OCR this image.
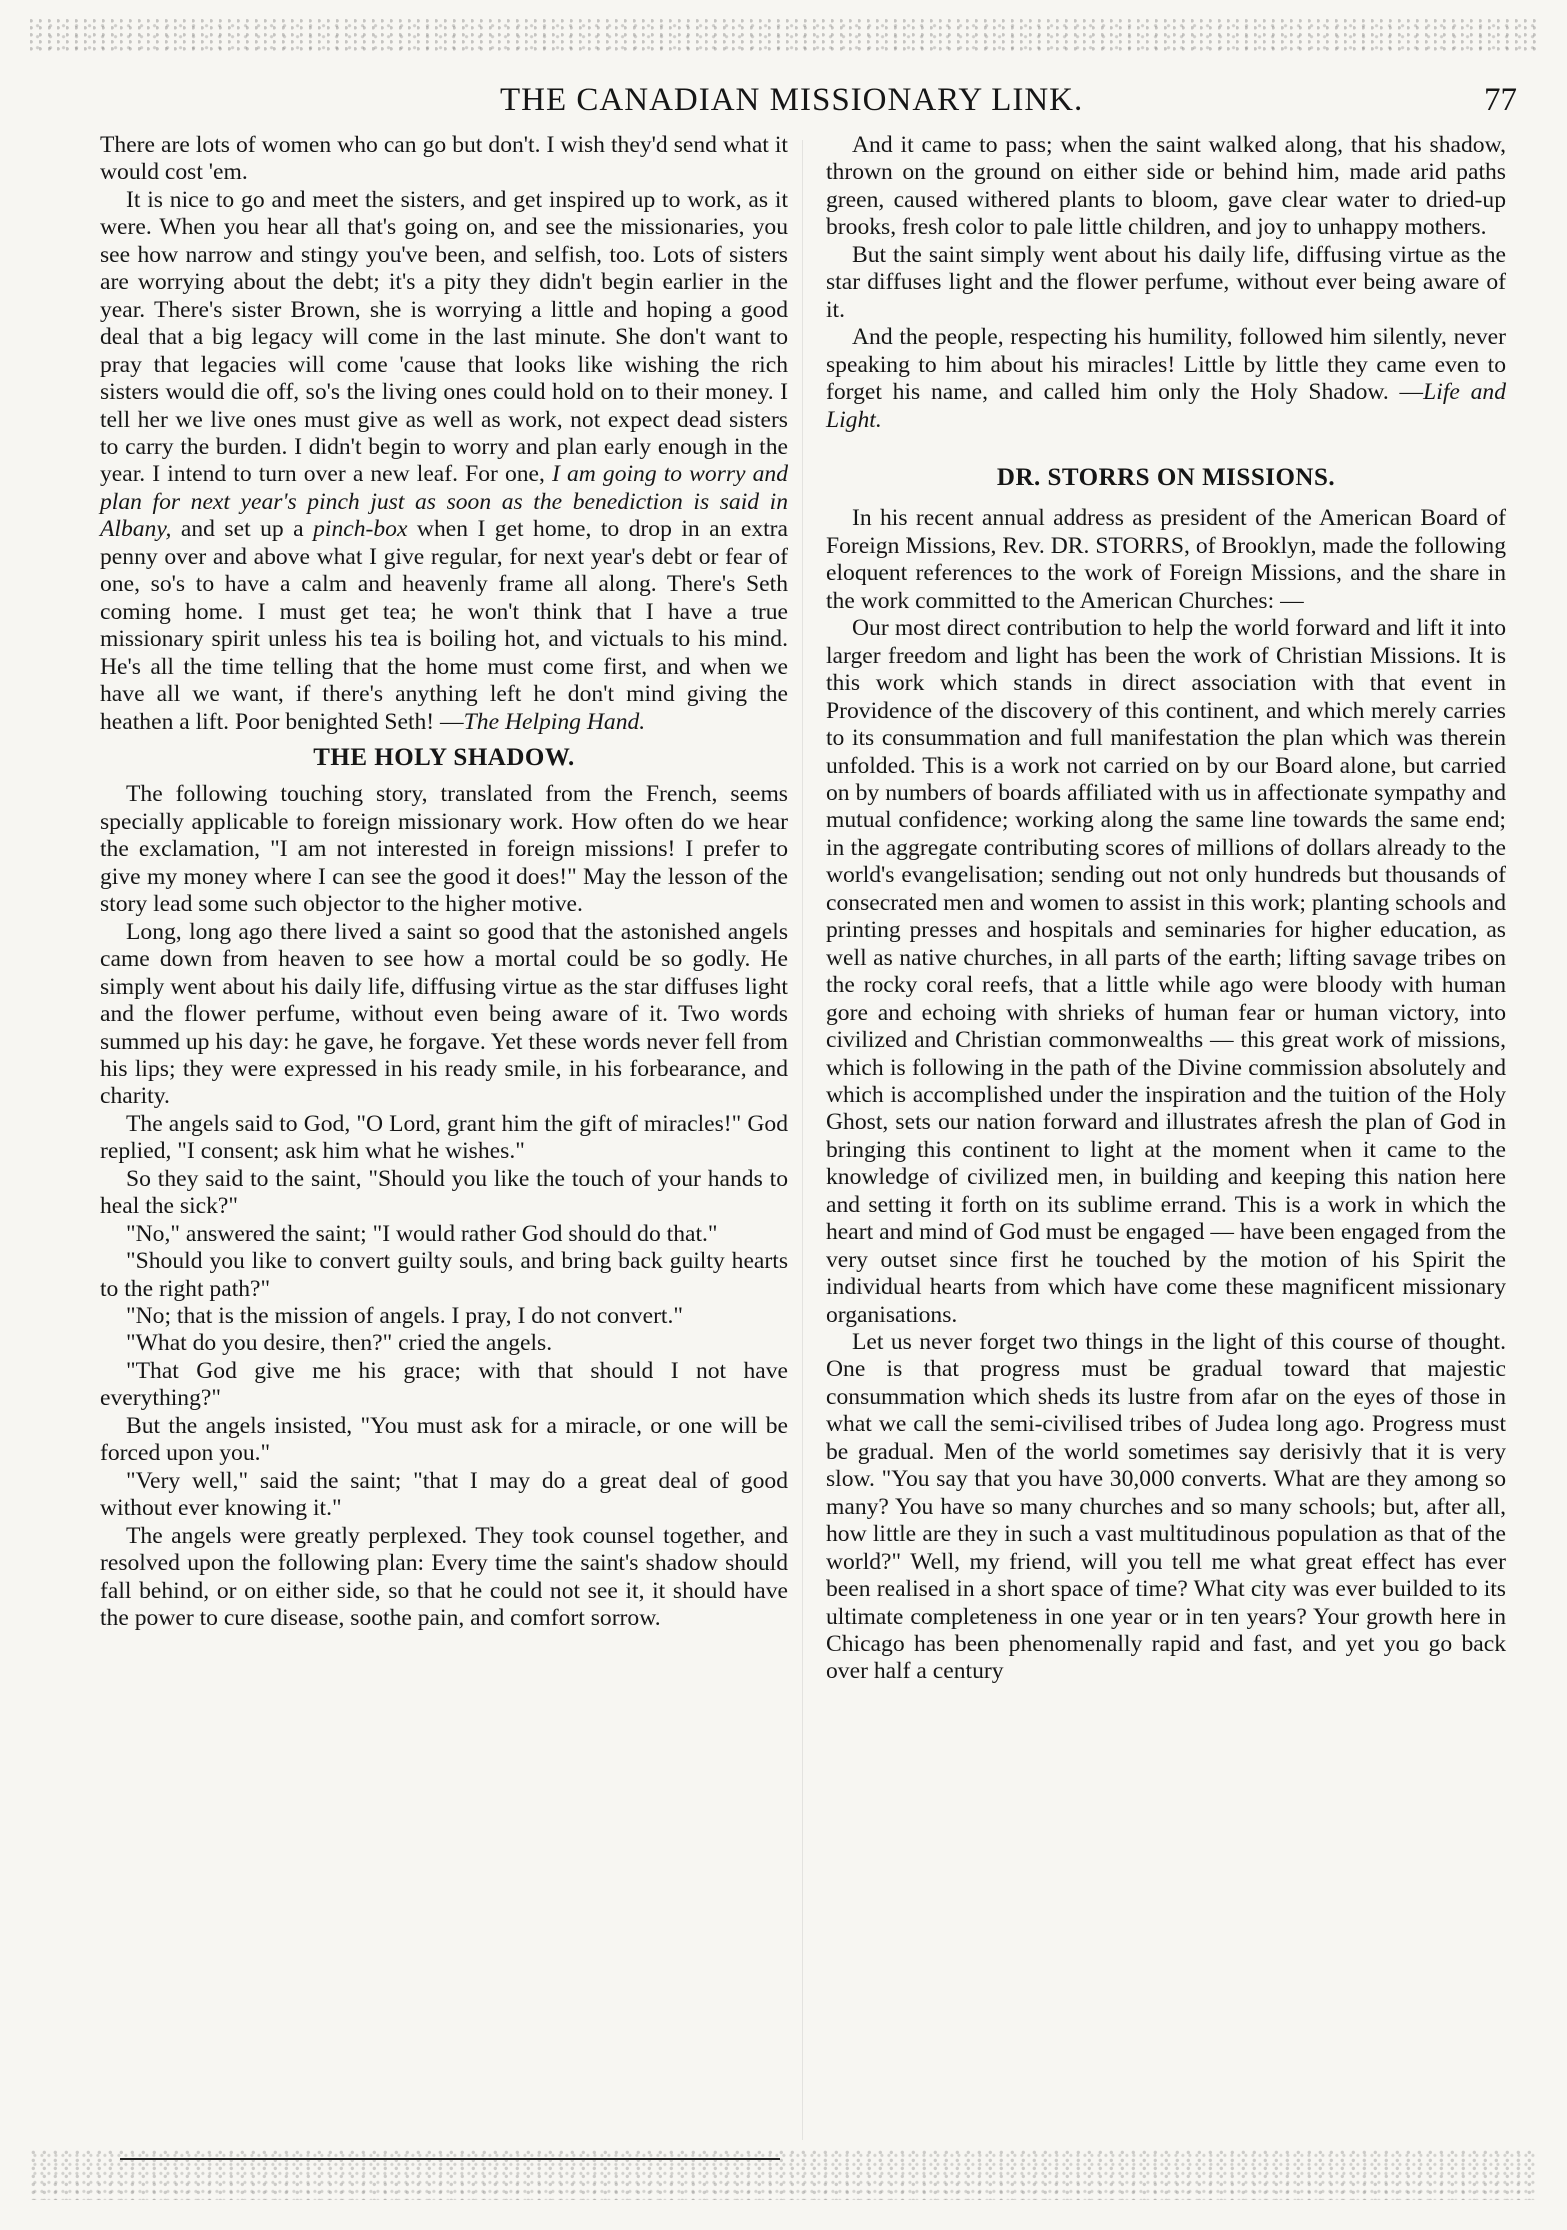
THE CANADIAN MISSIONARY LINK.	77

There are lots of women who can go but don't. I wish they'd send what it would cost 'em.

It is nice to go and meet the sisters, and get inspired up to work, as it were. When you hear all that's going on, and see the missionaries, you see how narrow and stingy you've been, and selfish, too. Lots of sisters are worrying about the debt; it's a pity they didn't begin earlier in the year. There's sister Brown, she is worrying a little and hoping a good deal that a big legacy will come in the last minute. She don't want to pray that legacies will come 'cause that looks like wishing the rich sisters would die off, so's the living ones could hold on to their money. I tell her we live ones must give as well as work, not expect dead sisters to carry the burden. I didn't begin to worry and plan early enough in the year. I intend to turn over a new leaf. For one, I am going to worry and plan for next year's pinch just as soon as the benediction is said in Albany, and set up a pinch-box when I get home, to drop in an extra penny over and above what I give regular, for next year's debt or fear of one, so's to have a calm and heavenly frame all along. There's Seth coming home. I must get tea; he won't think that I have a true missionary spirit unless his tea is boiling hot, and victuals to his mind. He's all the time telling that the home must come first, and when we have all we want, if there's anything left he don't mind giving the heathen a lift. Poor benighted Seth! —The Helping Hand.

THE HOLY SHADOW.

The following touching story, translated from the French, seems specially applicable to foreign missionary work. How often do we hear the exclamation, "I am not interested in foreign missions! I prefer to give my money where I can see the good it does!" May the lesson of the story lead some such objector to the higher motive.

Long, long ago there lived a saint so good that the astonished angels came down from heaven to see how a mortal could be so godly. He simply went about his daily life, diffusing virtue as the star diffuses light and the flower perfume, without even being aware of it. Two words summed up his day: he gave, he forgave. Yet these words never fell from his lips; they were expressed in his ready smile, in his forbearance, and charity.

The angels said to God, "O Lord, grant him the gift of miracles!" God replied, "I consent; ask him what he wishes."

So they said to the saint, "Should you like the touch of your hands to heal the sick?"

"No," answered the saint; "I would rather God should do that."

"Should you like to convert guilty souls, and bring back guilty hearts to the right path?"

"No; that is the mission of angels. I pray, I do not convert."

"What do you desire, then?" cried the angels.

"That God give me his grace; with that should I not have everything?"

But the angels insisted, "You must ask for a miracle, or one will be forced upon you."

"Very well," said the saint; "that I may do a great deal of good without ever knowing it."

The angels were greatly perplexed. They took counsel together, and resolved upon the following plan: Every time the saint's shadow should fall behind, or on either side, so that he could not see it, it should have the power to cure disease, soothe pain, and comfort sorrow.

And it came to pass; when the saint walked along, that his shadow, thrown on the ground on either side or behind him, made arid paths green, caused withered plants to bloom, gave clear water to dried-up brooks, fresh color to pale little children, and joy to unhappy mothers.

But the saint simply went about his daily life, diffusing virtue as the star diffuses light and the flower perfume, without ever being aware of it.

And the people, respecting his humility, followed him silently, never speaking to him about his miracles! Little by little they came even to forget his name, and called him only the Holy Shadow. —Life and Light.

DR. STORRS ON MISSIONS.

In his recent annual address as president of the American Board of Foreign Missions, Rev. DR. STORRS, of Brooklyn, made the following eloquent references to the work of Foreign Missions, and the share in the work committed to the American Churches: —

Our most direct contribution to help the world forward and lift it into larger freedom and light has been the work of Christian Missions. It is this work which stands in direct association with that event in Providence of the discovery of this continent, and which merely carries to its consummation and full manifestation the plan which was therein unfolded. This is a work not carried on by our Board alone, but carried on by numbers of boards affiliated with us in affectionate sympathy and mutual confidence; working along the same line towards the same end; in the aggregate contributing scores of millions of dollars already to the world's evangelisation; sending out not only hundreds but thousands of consecrated men and women to assist in this work; planting schools and printing presses and hospitals and seminaries for higher education, as well as native churches, in all parts of the earth; lifting savage tribes on the rocky coral reefs, that a little while ago were bloody with human gore and echoing with shrieks of human fear or human victory, into civilized and Christian commonwealths — this great work of missions, which is following in the path of the Divine commission absolutely and which is accomplished under the inspiration and the tuition of the Holy Ghost, sets our nation forward and illustrates afresh the plan of God in bringing this continent to light at the moment when it came to the knowledge of civilized men, in building and keeping this nation here and setting it forth on its sublime errand. This is a work in which the heart and mind of God must be engaged — have been engaged from the very outset since first he touched by the motion of his Spirit the individual hearts from which have come these magnificent missionary organisations.

Let us never forget two things in the light of this course of thought. One is that progress must be gradual toward that majestic consummation which sheds its lustre from afar on the eyes of those in what we call the semi-civilised tribes of Judea long ago. Progress must be gradual. Men of the world sometimes say derisivly that it is very slow. "You say that you have 30,000 converts. What are they among so many? You have so many churches and so many schools; but, after all, how little are they in such a vast multitudinous population as that of the world?" Well, my friend, will you tell me what great effect has ever been realised in a short space of time? What city was ever builded to its ultimate completeness in one year or in ten years? Your growth here in Chicago has been phenomenally rapid and fast, and yet you go back over half a century
